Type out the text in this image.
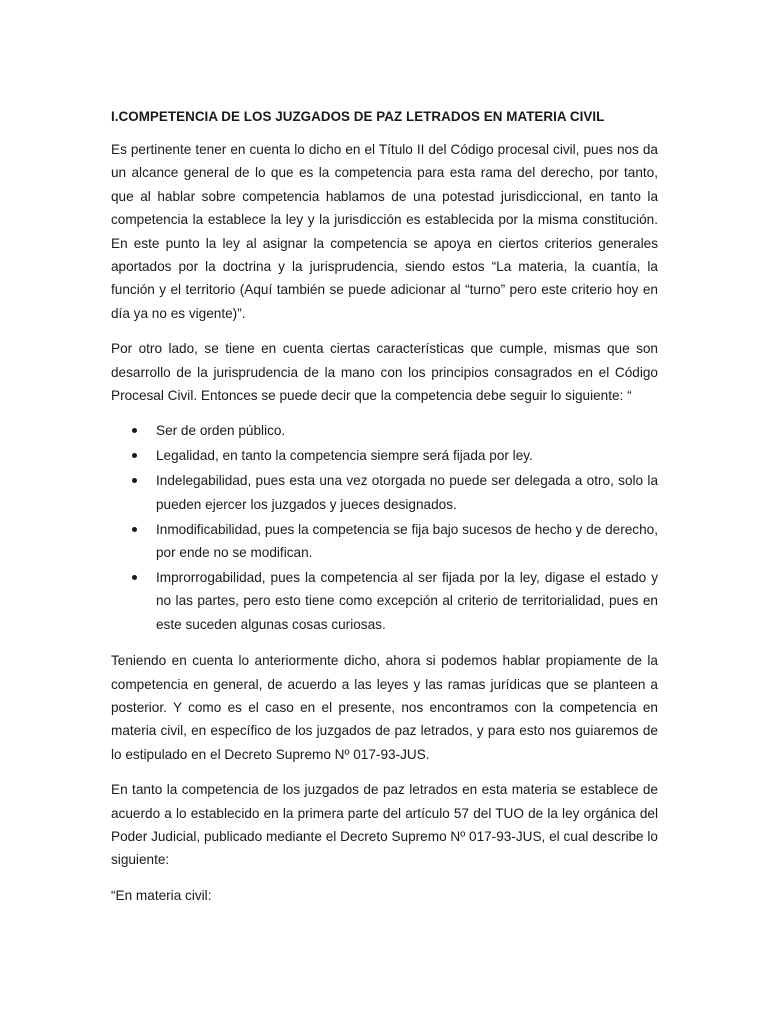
I.COMPETENCIA DE LOS JUZGADOS DE PAZ LETRADOS EN MATERIA CIVIL

Es pertinente tener en cuenta lo dicho en el Título II del Código procesal civil, pues nos da un alcance general de lo que es la competencia para esta rama del derecho, por tanto, que al hablar sobre competencia hablamos de una potestad jurisdiccional, en tanto la competencia la establece la ley y la jurisdicción es establecida por la misma constitución. En este punto la ley al asignar la competencia se apoya en ciertos criterios generales aportados por la doctrina y la jurisprudencia, siendo estos “La materia, la cuantía, la función y el territorio (Aquí también se puede adicionar al “turno” pero este criterio hoy en día ya no es vigente)”.

Por otro lado, se tiene en cuenta ciertas características que cumple, mismas que son desarrollo de la jurisprudencia de la mano con los principios consagrados en el Código Procesal Civil. Entonces se puede decir que la competencia debe seguir lo siguiente: “

Ser de orden público.
Legalidad, en tanto la competencia siempre será fijada por ley.
Indelegabilidad, pues esta una vez otorgada no puede ser delegada a otro, solo la pueden ejercer los juzgados y jueces designados.
Inmodificabilidad, pues la competencia se fija bajo sucesos de hecho y de derecho, por ende no se modifican.
Improrrogabilidad, pues la competencia al ser fijada por la ley, digase el estado y no las partes, pero esto tiene como excepción al criterio de territorialidad, pues en este suceden algunas cosas curiosas.

Teniendo en cuenta lo anteriormente dicho, ahora si podemos hablar propiamente de la competencia en general, de acuerdo a las leyes y las ramas jurídicas que se planteen a posterior. Y como es el caso en el presente, nos encontramos con la competencia en materia civil, en específico de los juzgados de paz letrados, y para esto nos guiaremos de lo estipulado en el Decreto Supremo Nº 017-93-JUS.

En tanto la competencia de los juzgados de paz letrados en esta materia se establece de acuerdo a lo establecido en la primera parte del artículo 57 del TUO de la ley orgánica del Poder Judicial, publicado mediante el Decreto Supremo Nº 017-93-JUS, el cual describe lo siguiente:

“En materia civil:
